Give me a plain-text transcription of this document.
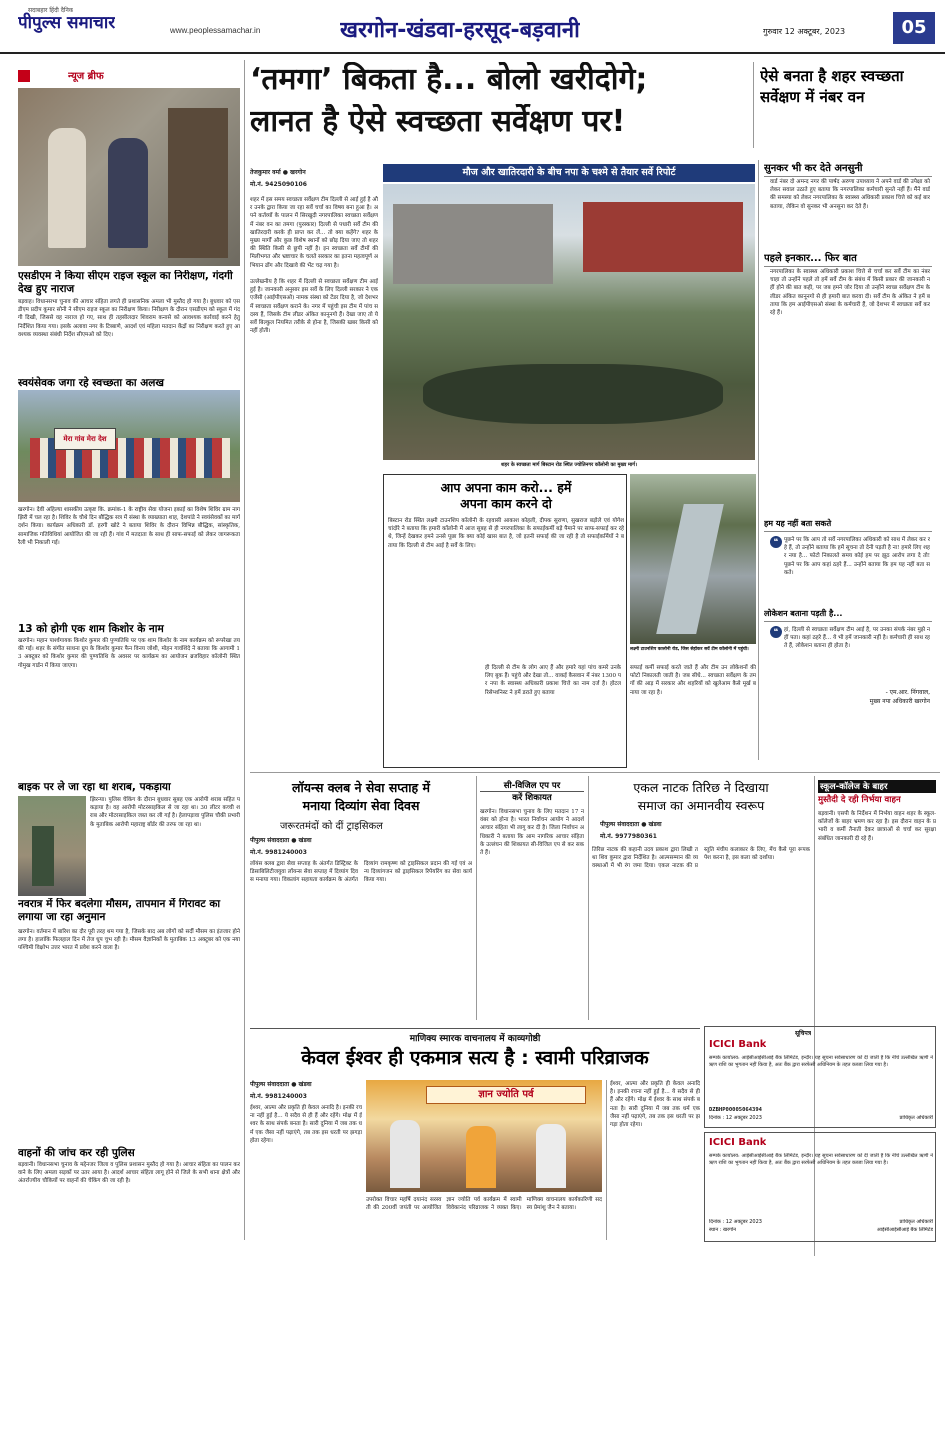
सदाबहार हिंदी दैनिक
पीपुल्स समाचार	www.peoplessamachar.in	खरगोन-खंडवा-हरसूद-बड़वानी	गुरुवार 12 अक्टूबर, 2023	05
न्यूज ब्रीफ
एसडीएम ने किया सीएम राइज स्कूल का निरीक्षण, गंदगी देख हुए नाराज
बड़वाह। विधानसभा चुनाव की आचार संहिता लगते ही प्रशासनिक अमला भी मुस्तैद हो गया है। बुधवार को एसडीएम प्रदीप कुमार सोनी ने सीएम राइज स्कूल का निरीक्षण किया। निरीक्षण के दौरान एसडीएम को स्कूल में गंदगी दिखी, जिससे वह नाराज हो गए, साथ ही तहसीलदार शिवराम कनासे को आवश्यक कार्रवाई करने हेतु निर्देशित किया गया। इसके अलावा नगर के टिब्बाणे, आदर्श एवं महिला मतदान केंद्रों का निरीक्षण करते हुए आवश्यक व्यवस्था संबंधी निर्देश सीएमओ को दिए।
स्वयंसेवक जगा रहे स्वच्छता का अलख
मेरा गांव मेरा देश
खरगोन। देवी अहिल्या शासकीय उत्कृष्ट कि. क्रमांक-1 के राष्ट्रीय सेवा योजना इकाई का विशेष शिविर ग्राम नागझिरी में चल रहा है। शिविर के चौथे दिन बौद्धिक सत्र में संस्था के व्याख्याता शाह, देशपांडे ने स्वयंसेवकों का मार्गदर्शन किया। कार्यक्रम अधिकारी डॉ. हरगी खोटे ने बताया शिविर के दौरान विभिन्न बौद्धिक, सांस्कृतिक, सामाजिक गतिविधियां आयोजित की जा रही हैं। गांव में मतदाता के साथ ही साफ-सफाई को लेकर जागरूकता रैली भी निकाली गई।
13 को होगी एक शाम किशोर के नाम
खरगोन। महान पार्श्वगायक किशोर कुमार की पुण्यतिथि पर एक शाम किशोर के नाम कार्यक्रम को रूपरेखा तय की गई। शहर के संगीत साधना ग्रुप के किशोर कुमार फैन विनय जोशी, मोहन गावंशिंदे ने बताया कि आगामी 13 अक्टूबर को किशोर कुमार की पुण्यतिथि के अवसर पर कार्यक्रम का आयोजन ब्रजविहार कॉलोनी स्थित गोमुख गार्डन में किया जाएगा।
बाइक पर ले जा रहा था शराब, पकड़ाया
झिरन्या। पुलिस चेकिंग के दौरान बुधवार सुबह एक आरोपी शराब सहित पकड़ाया है। वह आरोपी मोटरसाइकिल से जा रहा था। 30 लीटर कच्ची शराब और मोटरसाइकिल जब्त कर ली गई है। हेलापड़ावा पुलिस चौकी प्रभारी के मुताबिक आरोपी महाराष्ट्र बॉर्डर की तरफ जा रहा था।
नवरात्र में फिर बदलेगा मौसम, तापमान में गिरावट का लगाया जा रहा अनुमान
खरगोन। वर्तमान में बारिश का दौर पूरी तरह थम गया है, जिसके बाद अब लोगों को सर्दी मौसम का इंतजार होने लगा है। हालांकि फिलहाल दिन में तेज धूप चुभ रही है। मौसम वैज्ञानिकों के मुताबिक 13 अक्टूबर को एक नया पश्चिमी विक्षोभ उत्तर भारत में प्रवेश करने वाला है।
वाहनों की जांच कर रही पुलिस
बड़वानी। विधानसभा चुनाव के मद्देनजर जिला व पुलिस प्रशासन मुस्तैद हो गया है। आचार संहिता का पालन करवाने के लिए अमला सड़कों पर उतर आया है। आदर्श आचार संहिता लागू होने से जिले के सभी थाना क्षेत्रों और अंतर्राज्यीय चौकियों पर वाहनों की चेकिंग की जा रही है।
‘तमगा’ बिकता है... बोलो खरीदोगे;
लानत है ऐसे स्वच्छता सर्वेक्षण पर!
ऐसे बनता है शहर स्वच्छता सर्वेक्षण में नंबर वन
तेजकुमार वर्मा ● खरगोन
मो.नं. 9425090106
शहर में इस समय स्वच्छता सर्वेक्षण टीम दिल्ली से आई हुई है और उनके द्वारा किया जा रहा सर्वे चर्चा का विषय बना हुआ है। अपने कर्तव्यों के पालन में सिरखुदी नगरपालिका स्वच्छता सर्वेक्षण में नंबर वन का तमगा (पुरस्कार) दिल्ली से पधारी सर्वे टीम की खातिरदारी करके ही प्राप्त कर लें... तो क्या कहेंगे? शहर के मुख्य मार्गों और कुछ विशेष स्थानों को छोड़ दिया जाए तो शहर की स्थिति किसी से छुपी नहीं है। इन स्वच्छता सर्वे टीमों की मिलीभगत और भ्रष्टाचार के चलते सरकार का इतना महत्वपूर्ण अभियान ढोंग और दिखावे की भेंट चढ़ गया है।

उल्लेखनीय है कि शहर में दिल्ली से स्वच्छता सर्वेक्षण टीम आई हुई है। जानकारी अनुसार इस सर्वे के लिए दिल्ली सरकार ने एक एजेंसी (आईपीएसओ) नामक संस्था को टेंडर दिया है, जो देशभर में स्वच्छता सर्वेक्षण कराने के। नगर में पहुंची इस टीम में पांच सदस्य हैं, जिसके टीम लीडर अंकित कानूनगो हैं। देखा जाए तो ये सर्वे बिल्कुल नियमित तरीके से होना है, जिसकी खबर किसी को नहीं होती।
मौज और खातिरदारी के बीच नपा के चश्मे से तैयार सर्वे रिपोर्ट
शहर के स्वच्छता मार्ग बिस्टान रोड स्थित ज्योतिनगर कॉलोनी का मुख्य मार्ग।
आप अपना काम करो... हमें
अपना काम करने दो
बिस्टान रोड स्थित लक्ष्मी टाउनशिप कॉलोनी के रहवासी आकाश कोहली, दीपक सुराणा, सुखराज बड़ोले एवं योगेश चांदोरे ने बताया कि हमारी कॉलोनी में आज सुबह से ही नगरपालिका के सफाईकर्मी बड़े पैमाने पर साफ-सफाई कर रहे थे, जिन्हें देखकर हमने उनसे पूछा कि क्या कोई खास बात है, जो इतनी सफाई की जा रही है तो सफाईकर्मियों ने बताया कि दिल्ली से टीम आई है सर्वे के लिए।
लक्ष्मी टाउनशिप कालोनी रोड, जिस सेहोकर सर्वे टीम कॉलोनी में पहुंची।
ही दिल्ली से टीम के लोग आए हैं और हमारे यहां पांच कमरे उनके लिए बुक हैं। पहुंचे और देखा तो... वाकई कैसवान में नंबर 1300 पर नपा के स्वास्थ्य अधिकारी प्रकाश चित्ते का नाम दर्ज है। होटल रिसेप्शनिस्ट ने हमें डराते हुए बताया
सफाई कर्मी सफाई करते जाते हैं और टीम उन लोकेशनों की फोटो निकालती जाती है। जब सीधे... स्वच्छता सर्वेक्षण के तमगों की आड़ में सरकार और शहरियों को खुलेआम कैसे मूर्ख बनाया जा रहा है।
सुनकर भी कर देते अनसुनी
वार्ड नंबर दो अमन्द नगर की पार्षद अरुणा उपाध्याय ने अपने वार्ड की उपेक्षा को लेकर सवाल उठाते हुए बताया कि नगरपालिका कर्मचारी सुनते नहीं हैं। मैंने वार्ड की समस्या को लेकर नगरपालिका के स्वास्थ्य अधिकारी प्रकाश चित्ते को कई बार बताया, लेकिन वो सुनकर भी अनसुना कर देते हैं।
पहले इनकार... फिर बात
नगरपालिका के स्वास्थ्य अधिकारी प्रकाश चित्ते से चर्चा कर सर्वे टीम का नंबर चाहा तो उन्होंने पहले तो हमें सर्वे टीम के संबंध में किसी प्रकार की जानकारी नहीं होने की बात कही, पर जब हमने जोर दिया तो उन्होंने स्वच्छ सर्वेक्षण टीम के लीडर अंकित कानूनगो से ही हमारी बात करवा दी। सर्वे टीम के अंकित ने हमें बताया कि हम आईपीएसओ संस्था के कर्मचारी हैं, जो देशभर में स्वच्छता सर्वे कर रहे हैं।
हम यह नहीं बता सकते
❝	पूछने पर कि आप तो सर्वे नगरपालिका अधिकारी को साथ में लेकर कर रहे हैं, तो उन्होंने बताया कि हमें सूचना तो देनी पड़ती है ना! हमारे लिए शहर नया है... फोटो निकालते समय कोई हम पर झूठ आरोप लगा दे तो! पूछने पर कि आप कहां ठहरे हैं... उन्होंने बताया कि हम यह नहीं बता सकते।
लोकेशन बताना पड़ती है...
❝	हां, दिल्ली से स्वच्छता सर्वेक्षण टीम आई है, पर उनका संपर्क नंबर मुझे नहीं पता। कहां ठहरे हैं... ये भी हमें जानकारी नहीं है। कर्मचारी ही साथ रहते हैं, लोकेशन बताना ही होता है।
- एम.आर. निंगवाल,
मुख्य नपा अधिकारी खरगोन
लॉयन्स क्लब ने सेवा सप्ताह में
मनाया दिव्यांग सेवा दिवस
जरूरतमंदों को दीं ट्राइसिकल
पीपुल्स संवाददाता ● खंडवा
मो.नं. 9981240003
लॉयंस क्लब द्वारा सेवा सप्ताह के अंतर्गत डिस्ट्रिक्ट के डिसाबिलिटीजयुवा लॉयन्स सेवा सप्ताह में दिव्यांग दिवस मनाया गया। विकलांग सहायता कार्यक्रम के अंतर्गत दिव्यांग रामकृष्ण को ट्राइसिकल प्रदान की गई एवं अन्य दिव्यांगजन को ड्राइसिकल रिपेयरिंग का सेवा कार्य किया गया।
सी-विजिल एप पर
करें शिकायत
खरगोन। विधानसभा चुनाव के लिए मतदान 17 नवंबर को होना है। भारत निर्वाचन आयोग ने आदर्श आचार संहिता भी लागू कर दी है। जिला निर्वाचन अधिकारी ने बताया कि आम नागरिक आचार संहिता के उल्लंघन की शिकायत सी-विजिल एप से कर सकते हैं।
एकल नाटक तिरिछ ने दिखाया
समाज का अमानवीय स्वरूप
पीपुल्स संवाददाता ● खंडवा
मो.नं. 9977980361
तिरिछ नाटक की कहानी उदय प्रकाश द्वारा लिखी तथा शिव कुमार द्वारा निर्देशित है। आत्मसम्मान की व्यवस्थाओं में भी रंग जमा दिया। एकल नाटक की प्रस्तुति मंचीय कलाकार के लिए, मेंच कैसे पूरा रूपक पेश करना है, इस कला को दर्शाया।
स्कूल-कॉलेज के बाहर
मुस्तैदी दे रही निर्भया वाहन
बड़वानी। एसपी के निर्देशन में निर्भया वाहन शहर के स्कूल-कॉलेजों के बाहर भ्रमण कर रहा है। इस दौरान वाहन के प्रभारी व कर्मी तैनाती देकर छात्राओं से चर्चा कर सुरक्षा संबंधित जानकारी दी रहे हैं।
सूचिपत्र
ICICI Bank
सम्पर्क कार्यालय: आईसीआईसीआई बैंक लिमिटेड, इन्दौर। यह सूचना सर्वसाधारण को दी जाती है कि नीचे उल्लेखित ऋणी ने ऋण राशि का भुगतान नहीं किया है, अतः बैंक द्वारा सरफेसी अधिनियम के तहत कब्जा लिया गया है।
DZBHP00005064394
दिनांक : 12 अक्टूबर 2023	प्राधिकृत अधिकारी
ICICI Bank
सम्पर्क कार्यालय: आईसीआईसीआई बैंक लिमिटेड, इन्दौर। यह सूचना सर्वसाधारण को दी जाती है कि नीचे उल्लेखित ऋणी ने ऋण राशि का भुगतान नहीं किया है, अतः बैंक द्वारा सरफेसी अधिनियम के तहत कब्जा लिया गया है।
दिनांक : 12 अक्टूबर 2023
स्थान : खरगोन
प्राधिकृत अधिकारी
आईसीआईसीआई बैंक लिमिटेड
माणिक्य स्मारक वाचनालय में काव्यगोष्ठी
केवल ईश्वर ही एकमात्र सत्य है : स्वामी परिव्राजक
पीपुल्स संवाददाता ● खंडवा
मो.नं. 9981240003
ईश्वर, आत्मा और प्रकृति ही केवल अनादि है। इनकी रचना नहीं हुई है... ये सदैव से ही हैं और रहेंगे। मोक्ष में ईश्वर के साथ संपर्क बनता है। सारी दुनिया में जब तक धर्म एक जैसा नहीं पढ़ाएंगे, तब तक इस धरती पर झगड़ा होता रहेगा।
ज्ञान ज्योति पर्व
उपरोक्त विचार महर्षि दयानंद सरस्वती की 200वीं जयंती पर आयोजित ज्ञान ज्योति पर्व कार्यक्रम में स्वामी विवेकानंद परिव्राजक ने व्यक्त किए। माणिक्य वाचनालय कार्यकारिणी सदस्य प्रेमांशु जैन ने बताया।
ईश्वर, आत्मा और प्रकृति ही केवल अनादि है। इनकी रचना नहीं हुई है... ये सदैव से ही हैं और रहेंगे। मोक्ष में ईश्वर के साथ संपर्क बनता है। सारी दुनिया में जब तक धर्म एक जैसा नहीं पढ़ाएंगे, तब तक इस धरती पर झगड़ा होता रहेगा।
